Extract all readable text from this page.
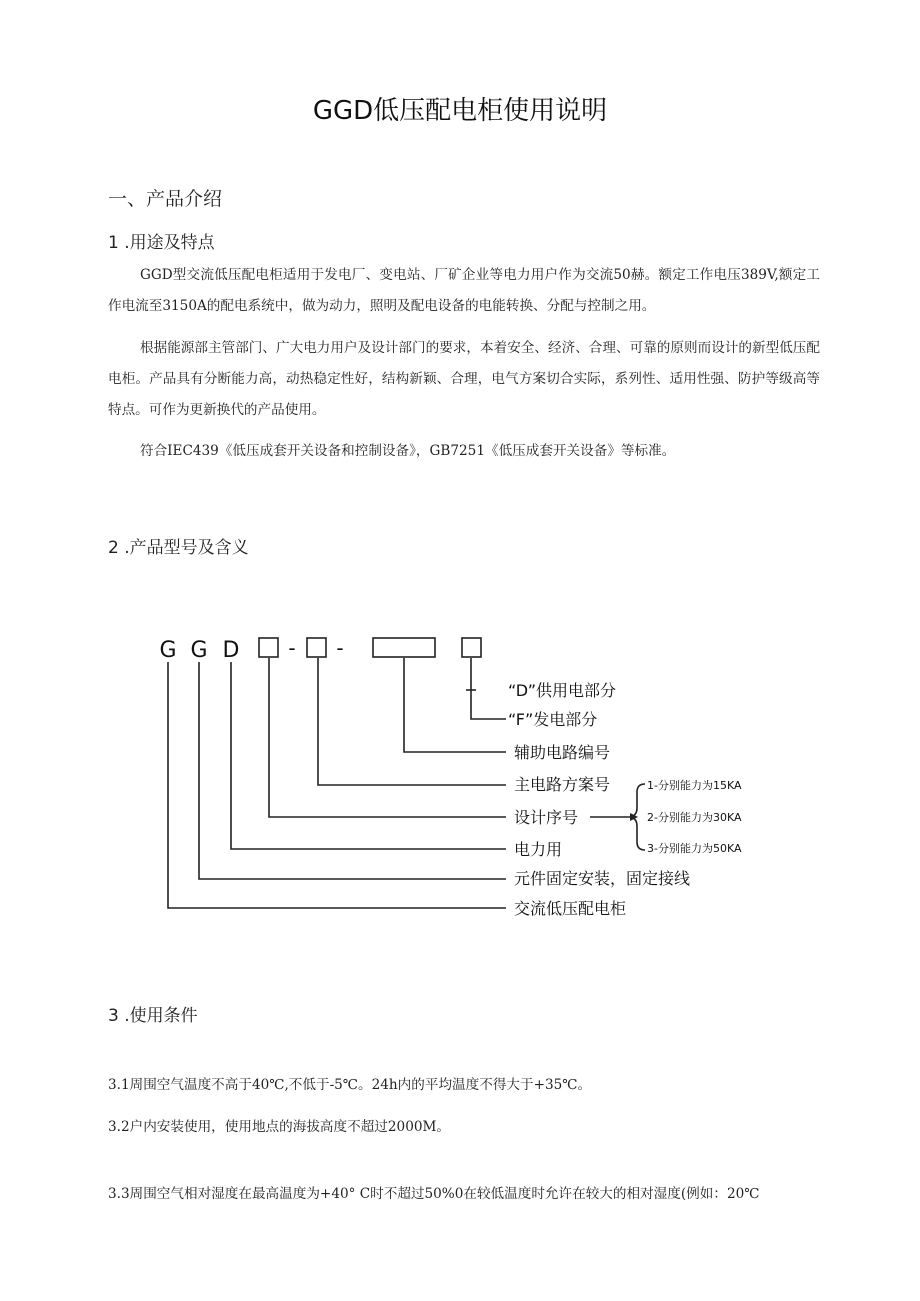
GGD低压配电柜使用说明
一、产品介绍
1 .用途及特点
GGD型交流低压配电柜适用于发电厂、变电站、厂矿企业等电力用户作为交流50赫。额定工作电压389V,额定工作电流至3150A的配电系统中，做为动力，照明及配电设备的电能转换、分配与控制之用。
根据能源部主管部门、广大电力用户及设计部门的要求，本着安全、经济、合理、可靠的原则而设计的新型低压配电柜。产品具有分断能力高，动热稳定性好，结构新颖、合理，电气方案切合实际，系列性、适用性强、防护等级高等特点。可作为更新换代的产品使用。
符合IEC439《低压成套开关设备和控制设备》，GB7251《低压成套开关设备》等标准。
2 .产品型号及含义
G G D - -
“D”供用电部分
“F”发电部分
辅助电路编号
主电路方案号
设计序号
电力用
元件固定安装，固定接线
交流低压配电柜
1-分别能力为15KA
2-分别能力为30KA
3-分别能力为50KA
3 .使用条件
3.1周围空气温度不高于40℃,不低于-5℃。24h内的平均温度不得大于+35℃。
3.2户内安装使用，使用地点的海拔高度不超过2000M。
3.3周围空气相对湿度在最高温度为+40° C时不超过50%0在较低温度时允许在较大的相对湿度(例如：20℃
